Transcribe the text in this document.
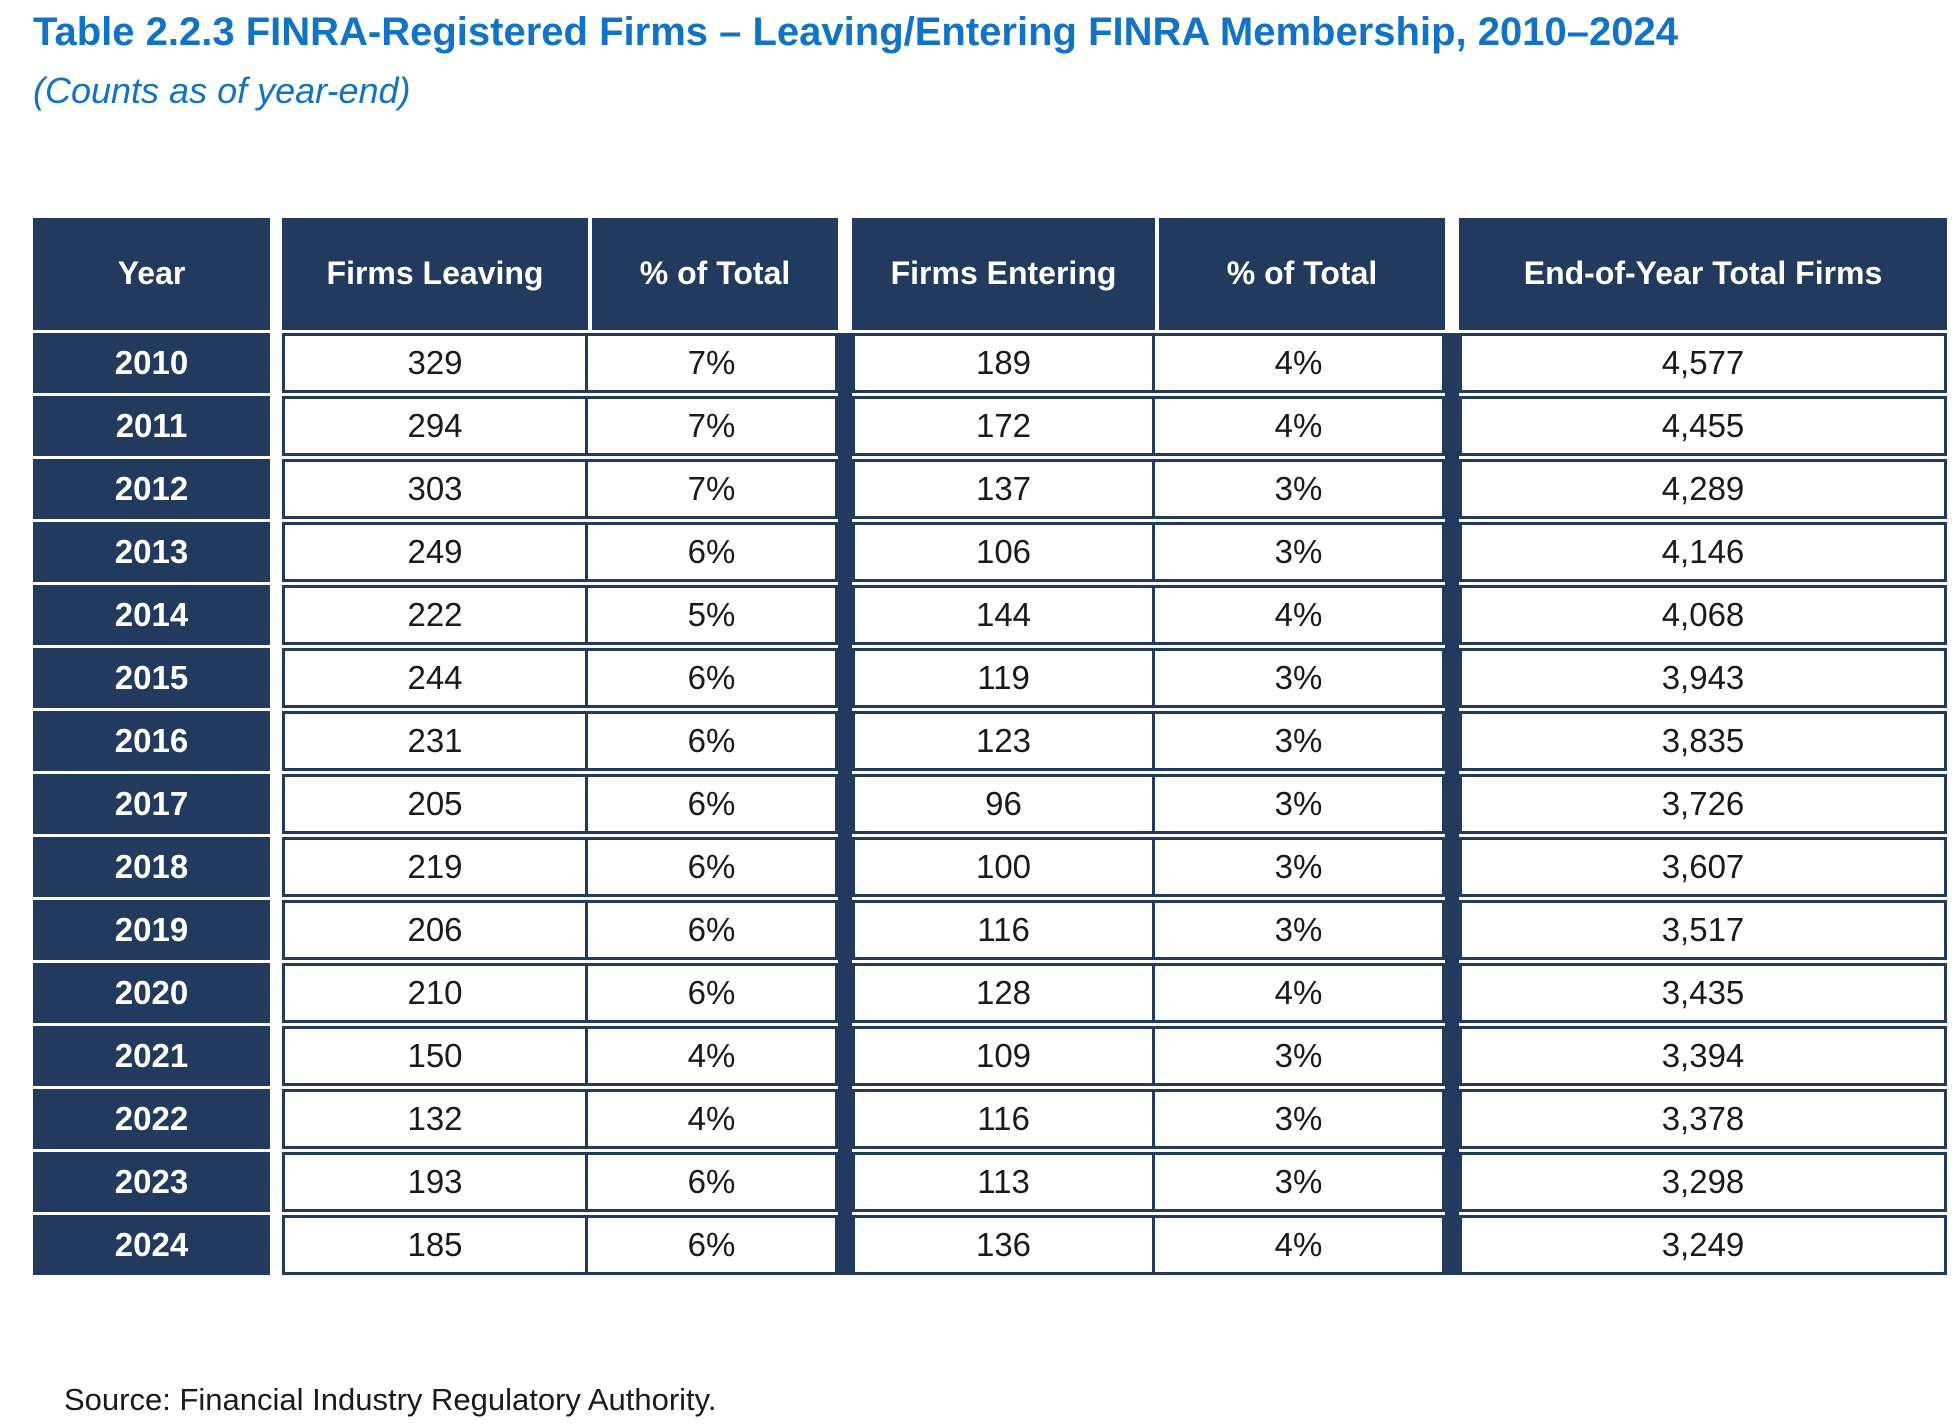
Table 2.2.3 FINRA-Registered Firms – Leaving/Entering FINRA Membership, 2010–2024
(Counts as of year-end)
Year	Firms Leaving	% of Total	Firms Entering	% of Total	End-of-Year Total Firms
2010	329	7%	189	4%	4,577
2011	294	7%	172	4%	4,455
2012	303	7%	137	3%	4,289
2013	249	6%	106	3%	4,146
2014	222	5%	144	4%	4,068
2015	244	6%	119	3%	3,943
2016	231	6%	123	3%	3,835
2017	205	6%	96	3%	3,726
2018	219	6%	100	3%	3,607
2019	206	6%	116	3%	3,517
2020	210	6%	128	4%	3,435
2021	150	4%	109	3%	3,394
2022	132	4%	116	3%	3,378
2023	193	6%	113	3%	3,298
2024	185	6%	136	4%	3,249
Source: Financial Industry Regulatory Authority.
